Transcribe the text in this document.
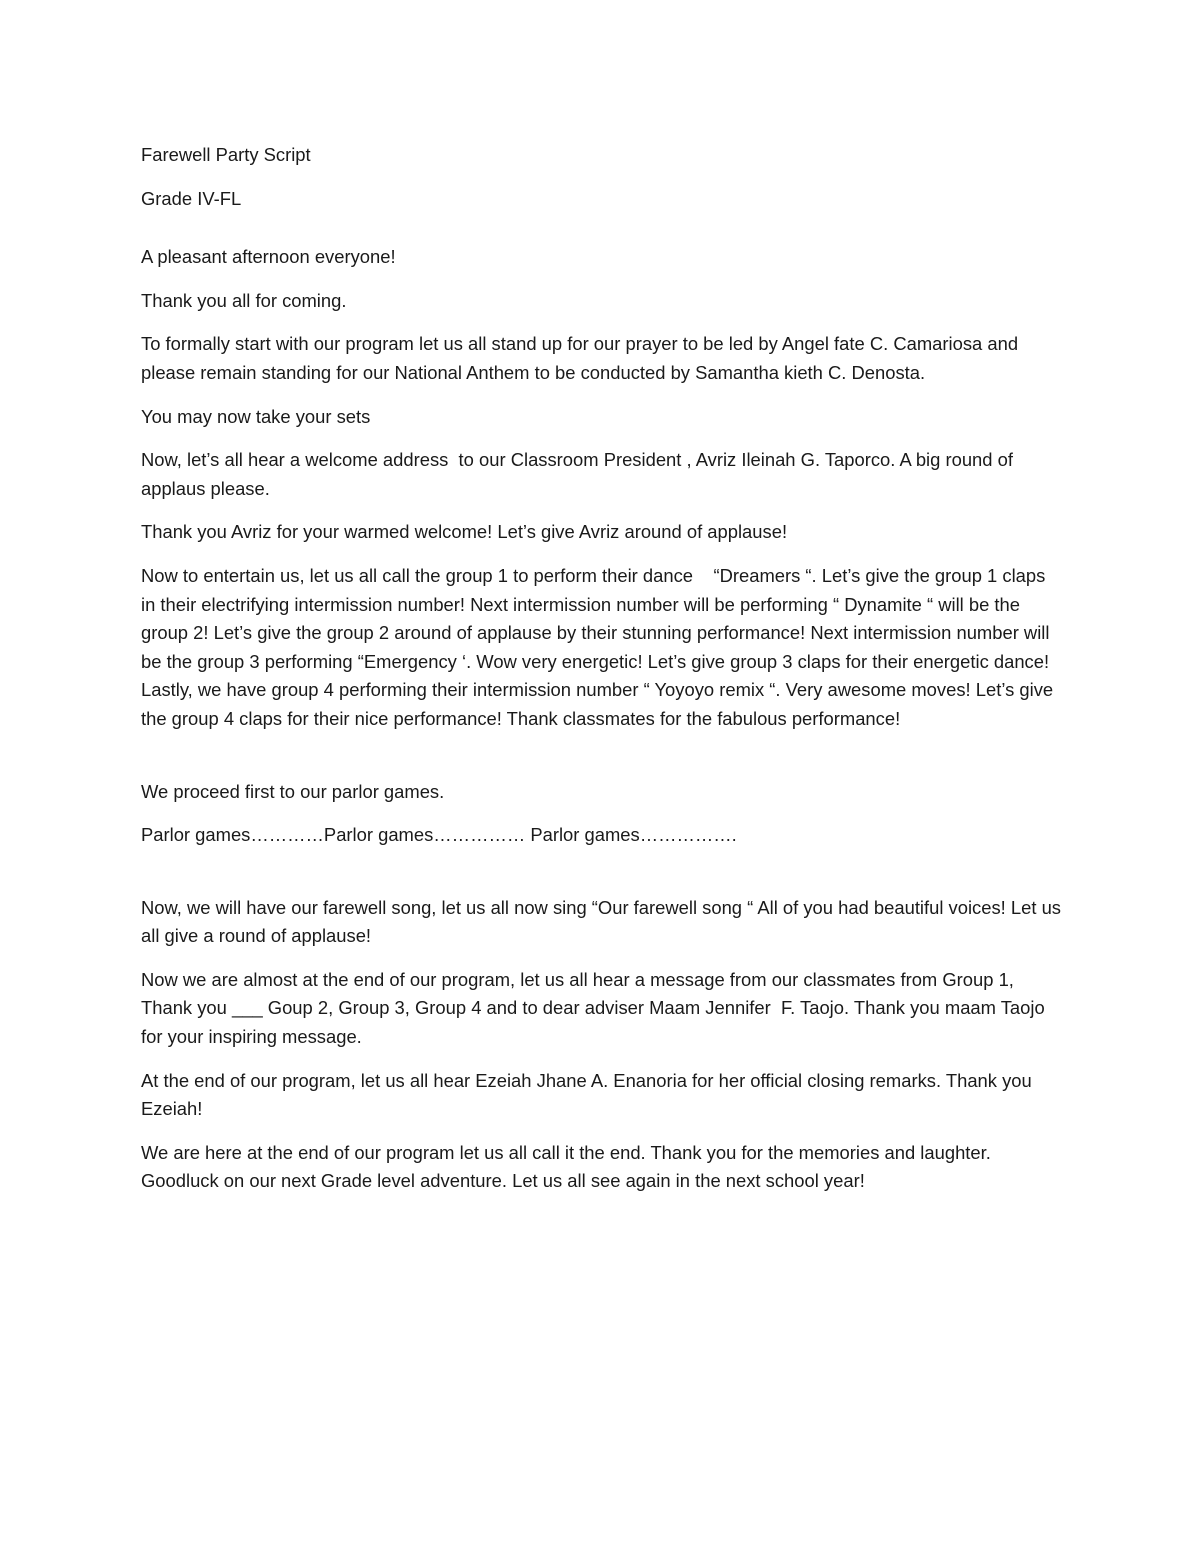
Farewell Party Script

Grade IV-FL

A pleasant afternoon everyone!

Thank you all for coming.

To formally start with our program let us all stand up for our prayer to be led by Angel fate C. Camariosa and please remain standing for our National Anthem to be conducted by Samantha kieth C. Denosta.

You may now take your sets

Now, let’s all hear a welcome address  to our Classroom President , Avriz Ileinah G. Taporco. A big round of applaus please.

Thank you Avriz for your warmed welcome! Let’s give Avriz around of applause!

Now to entertain us, let us all call the group 1 to perform their dance    “Dreamers “. Let’s give the group 1 claps in their electrifying intermission number! Next intermission number will be performing “ Dynamite “ will be the group 2! Let’s give the group 2 around of applause by their stunning performance! Next intermission number will be the group 3 performing “Emergency ‘. Wow very energetic! Let’s give group 3 claps for their energetic dance! Lastly, we have group 4 performing their intermission number “ Yoyoyo remix “. Very awesome moves! Let’s give the group 4 claps for their nice performance! Thank classmates for the fabulous performance!

We proceed first to our parlor games.

Parlor games…………Parlor games…………… Parlor games…………….

Now, we will have our farewell song, let us all now sing “Our farewell song “ All of you had beautiful voices! Let us all give a round of applause!

Now we are almost at the end of our program, let us all hear a message from our classmates from Group 1, Thank you ___ Goup 2, Group 3, Group 4 and to dear adviser Maam Jennifer  F. Taojo. Thank you maam Taojo for your inspiring message.

At the end of our program, let us all hear Ezeiah Jhane A. Enanoria for her official closing remarks. Thank you Ezeiah!

We are here at the end of our program let us all call it the end. Thank you for the memories and laughter. Goodluck on our next Grade level adventure. Let us all see again in the next school year!
